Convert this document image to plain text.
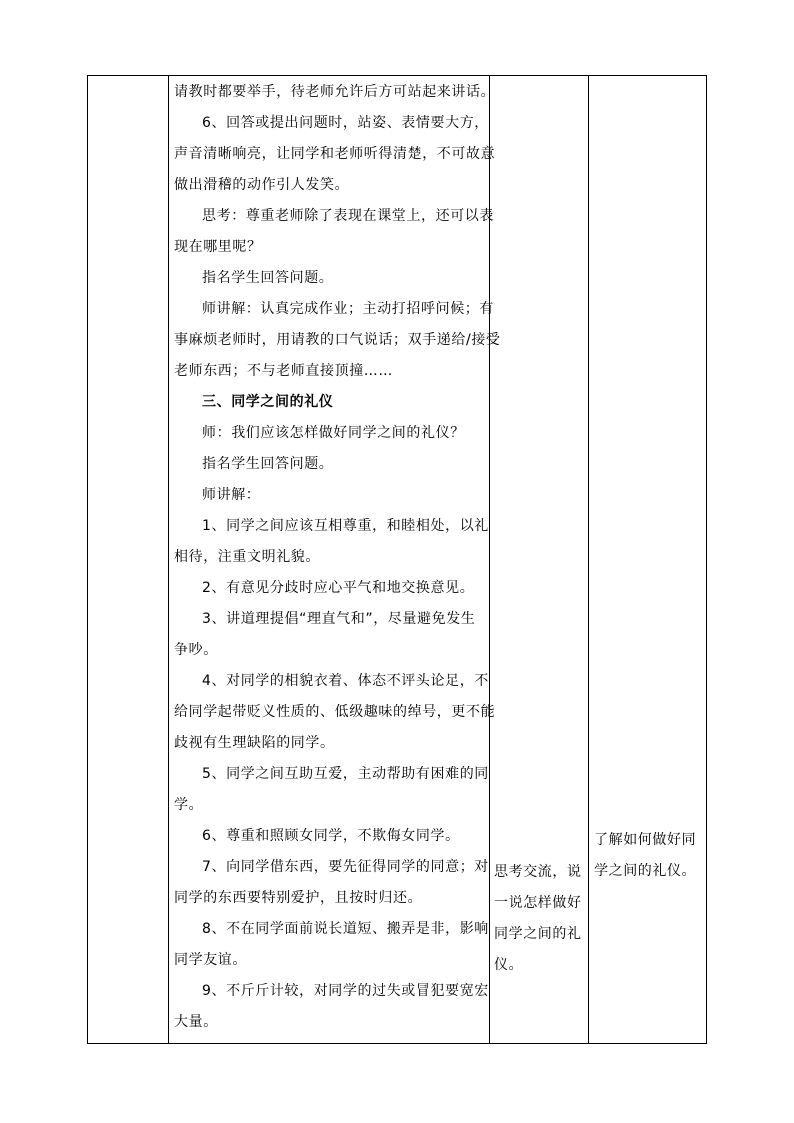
请教时都要举手，待老师允许后方可站起来讲话。
6、回答或提出问题时，站姿、表情要大方，
声音清晰响亮，让同学和老师听得清楚，不可故意
做出滑稽的动作引人发笑。
思考：尊重老师除了表现在课堂上，还可以表
现在哪里呢？
指名学生回答问题。
师讲解：认真完成作业；主动打招呼问候；有
事麻烦老师时，用请教的口气说话；双手递给/接受
老师东西；不与老师直接顶撞……
三、同学之间的礼仪
师：我们应该怎样做好同学之间的礼仪？
指名学生回答问题。
师讲解：
1、同学之间应该互相尊重，和睦相处，以礼
相待，注重文明礼貌。
2、有意见分歧时应心平气和地交换意见。
3、讲道理提倡“理直气和”，尽量避免发生
争吵。
4、对同学的相貌衣着、体态不评头论足，不
给同学起带贬义性质的、低级趣味的绰号，更不能
歧视有生理缺陷的同学。
5、同学之间互助互爱，主动帮助有困难的同
学。
6、尊重和照顾女同学，不欺侮女同学。
7、向同学借东西，要先征得同学的同意；对
同学的东西要特别爱护，且按时归还。
8、不在同学面前说长道短、搬弄是非，影响
同学友谊。
9、不斤斤计较，对同学的过失或冒犯要宽宏
大量。
思考交流，说
一说怎样做好
同学之间的礼
仪。
了解如何做好同
学之间的礼仪。
